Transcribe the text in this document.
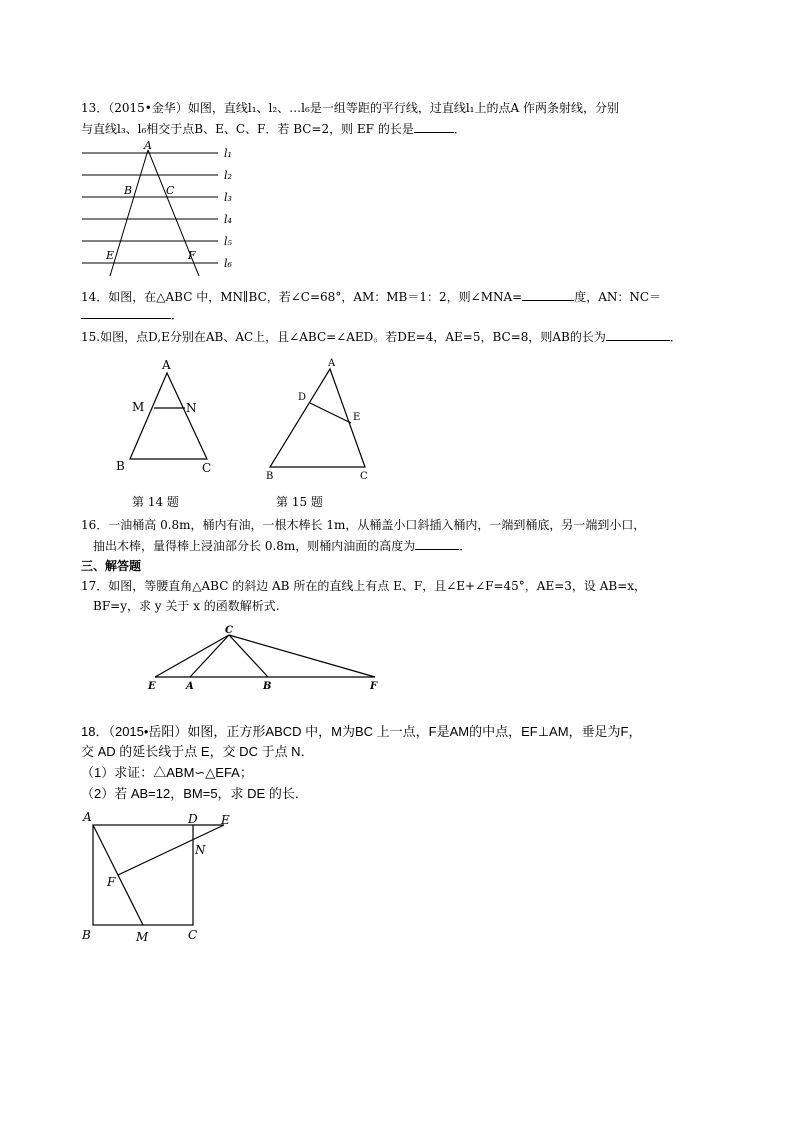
13．（2015•金华）如图，直线l₁、l₂、…l₆是一组等距的平行线，过直线l₁上的点A 作两条射线，分别
与直线l₃、l₆相交于点B、E、C、F．若 BC=2，则 EF 的长是	．
A
B	C
E	F
l₁
l₂
l₃
l₄
l₅
l₆
14．如图，在△ABC 中，MN∥BC，若∠C=68°，AM：MB＝1：2，则∠MNA=	度，AN：NC＝
．
15.如图，点D,E分别在AB、AC上，且∠ABC=∠AED。若DE=4，AE=5，BC=8，则AB的长为	．
A
M	N
B	C
A
D
E
B	C
第 14 题	第 15 题
16．一油桶高 0.8m，桶内有油，一根木棒长 1m，从桶盖小口斜插入桶内，一端到桶底，另一端到小口，
抽出木棒，量得棒上浸油部分长 0.8m，则桶内油面的高度为	．
三、解答题
17．如图，等腰直角△ABC 的斜边 AB 所在的直线上有点 E、F，且∠E+∠F=45°，AE=3，设 AB=x，
BF=y，求 y 关于 x 的函数解析式.
C
E	A	B	F
18．（2015•岳阳）如图，正方形ABCD 中，M为BC 上一点，F是AM的中点，EF⊥AM，垂足为F，
交 AD 的延长线于点 E，交 DC 于点 N．
（1）求证：△ABM∽△EFA；
（2）若 AB=12，BM=5，求 DE 的长．
A	D E
N
F
B	M	C
